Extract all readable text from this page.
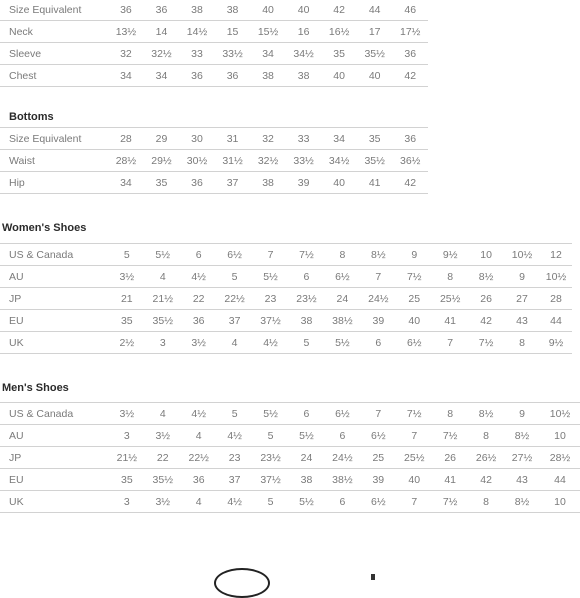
Size Equivalent	36	36	38	38	40	40	42	44	46
Neck	13½	14	14½	15	15½	16	16½	17	17½
Sleeve	32	32½	33	33½	34	34½	35	35½	36
Chest	34	34	36	36	38	38	40	40	42
Bottoms
Size Equivalent	28	29	30	31	32	33	34	35	36
Waist	28½	29½	30½	31½	32½	33½	34½	35½	36½
Hip	34	35	36	37	38	39	40	41	42
Women's Shoes
US & Canada	5	5½	6	6½	7	7½	8	8½	9	9½	10	10½	12
AU	3½	4	4½	5	5½	6	6½	7	7½	8	8½	9	10½
JP	21	21½	22	22½	23	23½	24	24½	25	25½	26	27	28
EU	35	35½	36	37	37½	38	38½	39	40	41	42	43	44
UK	2½	3	3½	4	4½	5	5½	6	6½	7	7½	8	9½
Men's Shoes
US & Canada	3½	4	4½	5	5½	6	6½	7	7½	8	8½	9	10½
AU	3	3½	4	4½	5	5½	6	6½	7	7½	8	8½	10
JP	21½	22	22½	23	23½	24	24½	25	25½	26	26½	27½	28½
EU	35	35½	36	37	37½	38	38½	39	40	41	42	43	44
UK	3	3½	4	4½	5	5½	6	6½	7	7½	8	8½	10
